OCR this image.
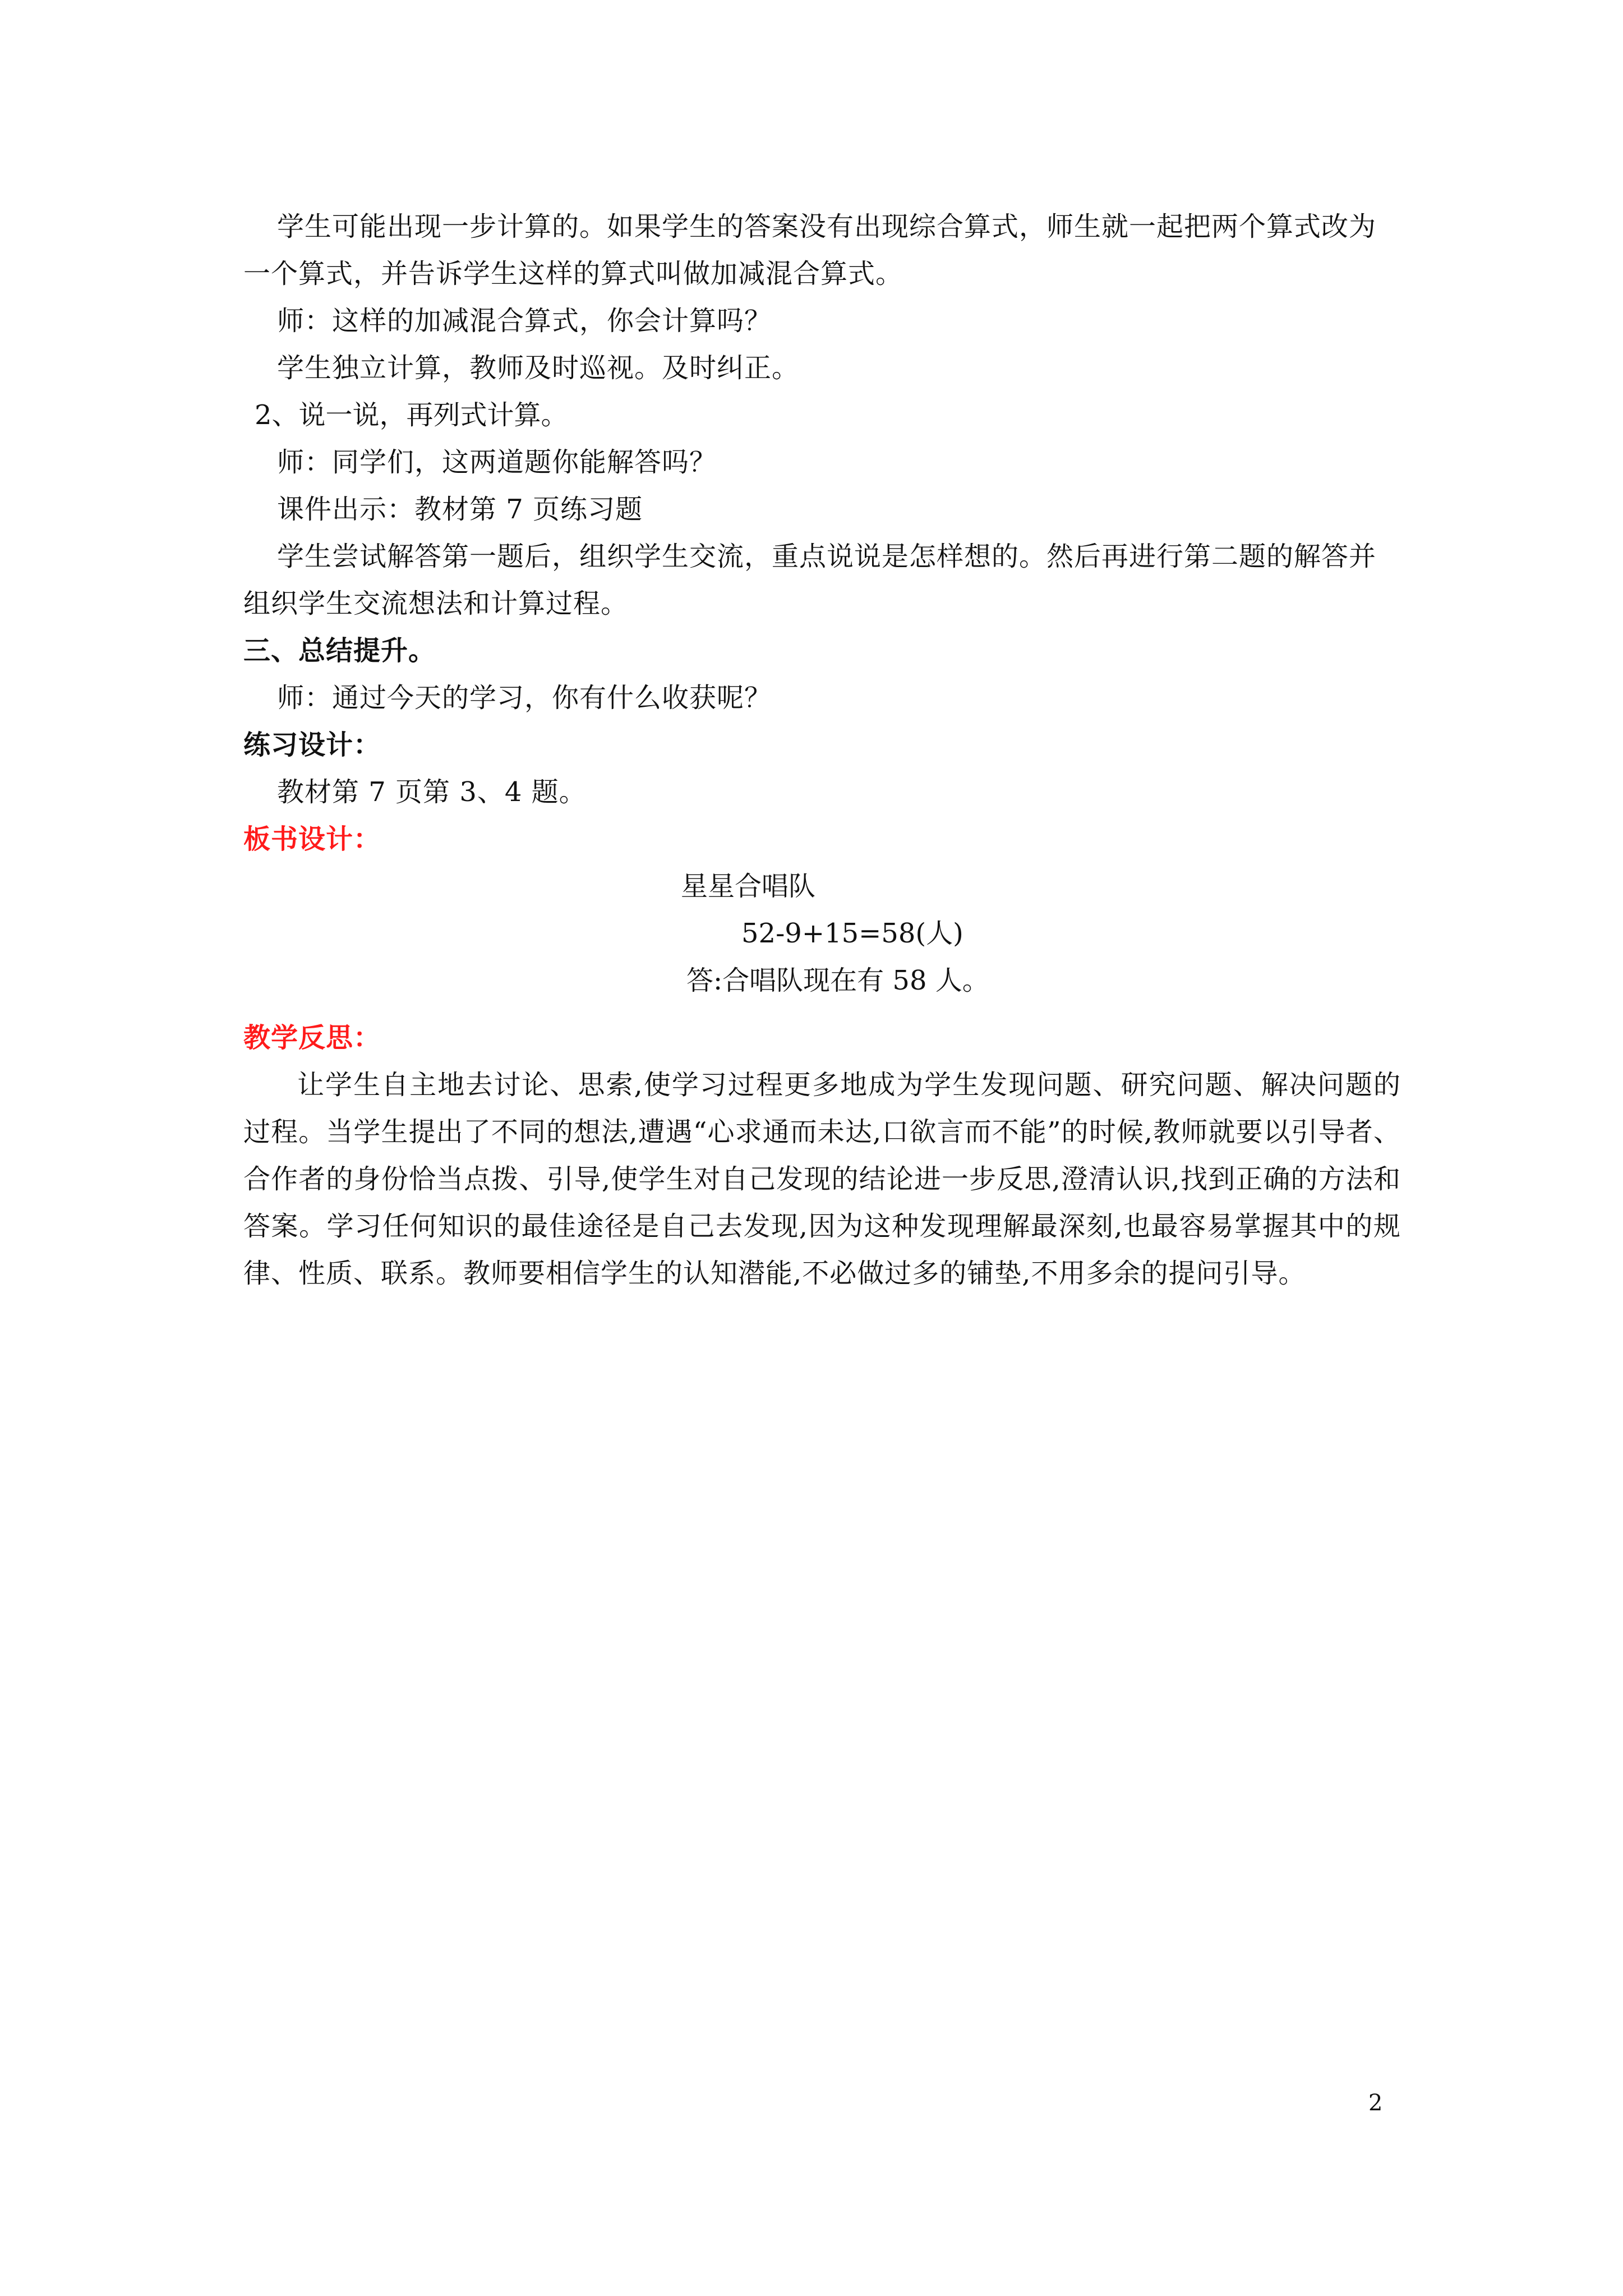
学生可能出现一步计算的。如果学生的答案没有出现综合算式，师生就一起把两个算式改为一个算式，并告诉学生这样的算式叫做加减混合算式。

师：这样的加减混合算式，你会计算吗？

学生独立计算，教师及时巡视。及时纠正。

2、说一说，再列式计算。

师：同学们，这两道题你能解答吗？

课件出示：教材第 7 页练习题

学生尝试解答第一题后，组织学生交流，重点说说是怎样想的。然后再进行第二题的解答并组织学生交流想法和计算过程。

三、总结提升。

师：通过今天的学习，你有什么收获呢？

练习设计：

教材第 7 页第 3、4 题。

板书设计：

星星合唱队
52-9+15=58(人)
答:合唱队现在有 58 人。

教学反思：

让学生自主地去讨论、思索,使学习过程更多地成为学生发现问题、研究问题、解决问题的过程。当学生提出了不同的想法,遭遇“心求通而未达,口欲言而不能”的时候,教师就要以引导者、合作者的身份恰当点拨、引导,使学生对自己发现的结论进一步反思,澄清认识,找到正确的方法和答案。学习任何知识的最佳途径是自己去发现,因为这种发现理解最深刻,也最容易掌握其中的规律、性质、联系。教师要相信学生的认知潜能,不必做过多的铺垫,不用多余的提问引导。

2
